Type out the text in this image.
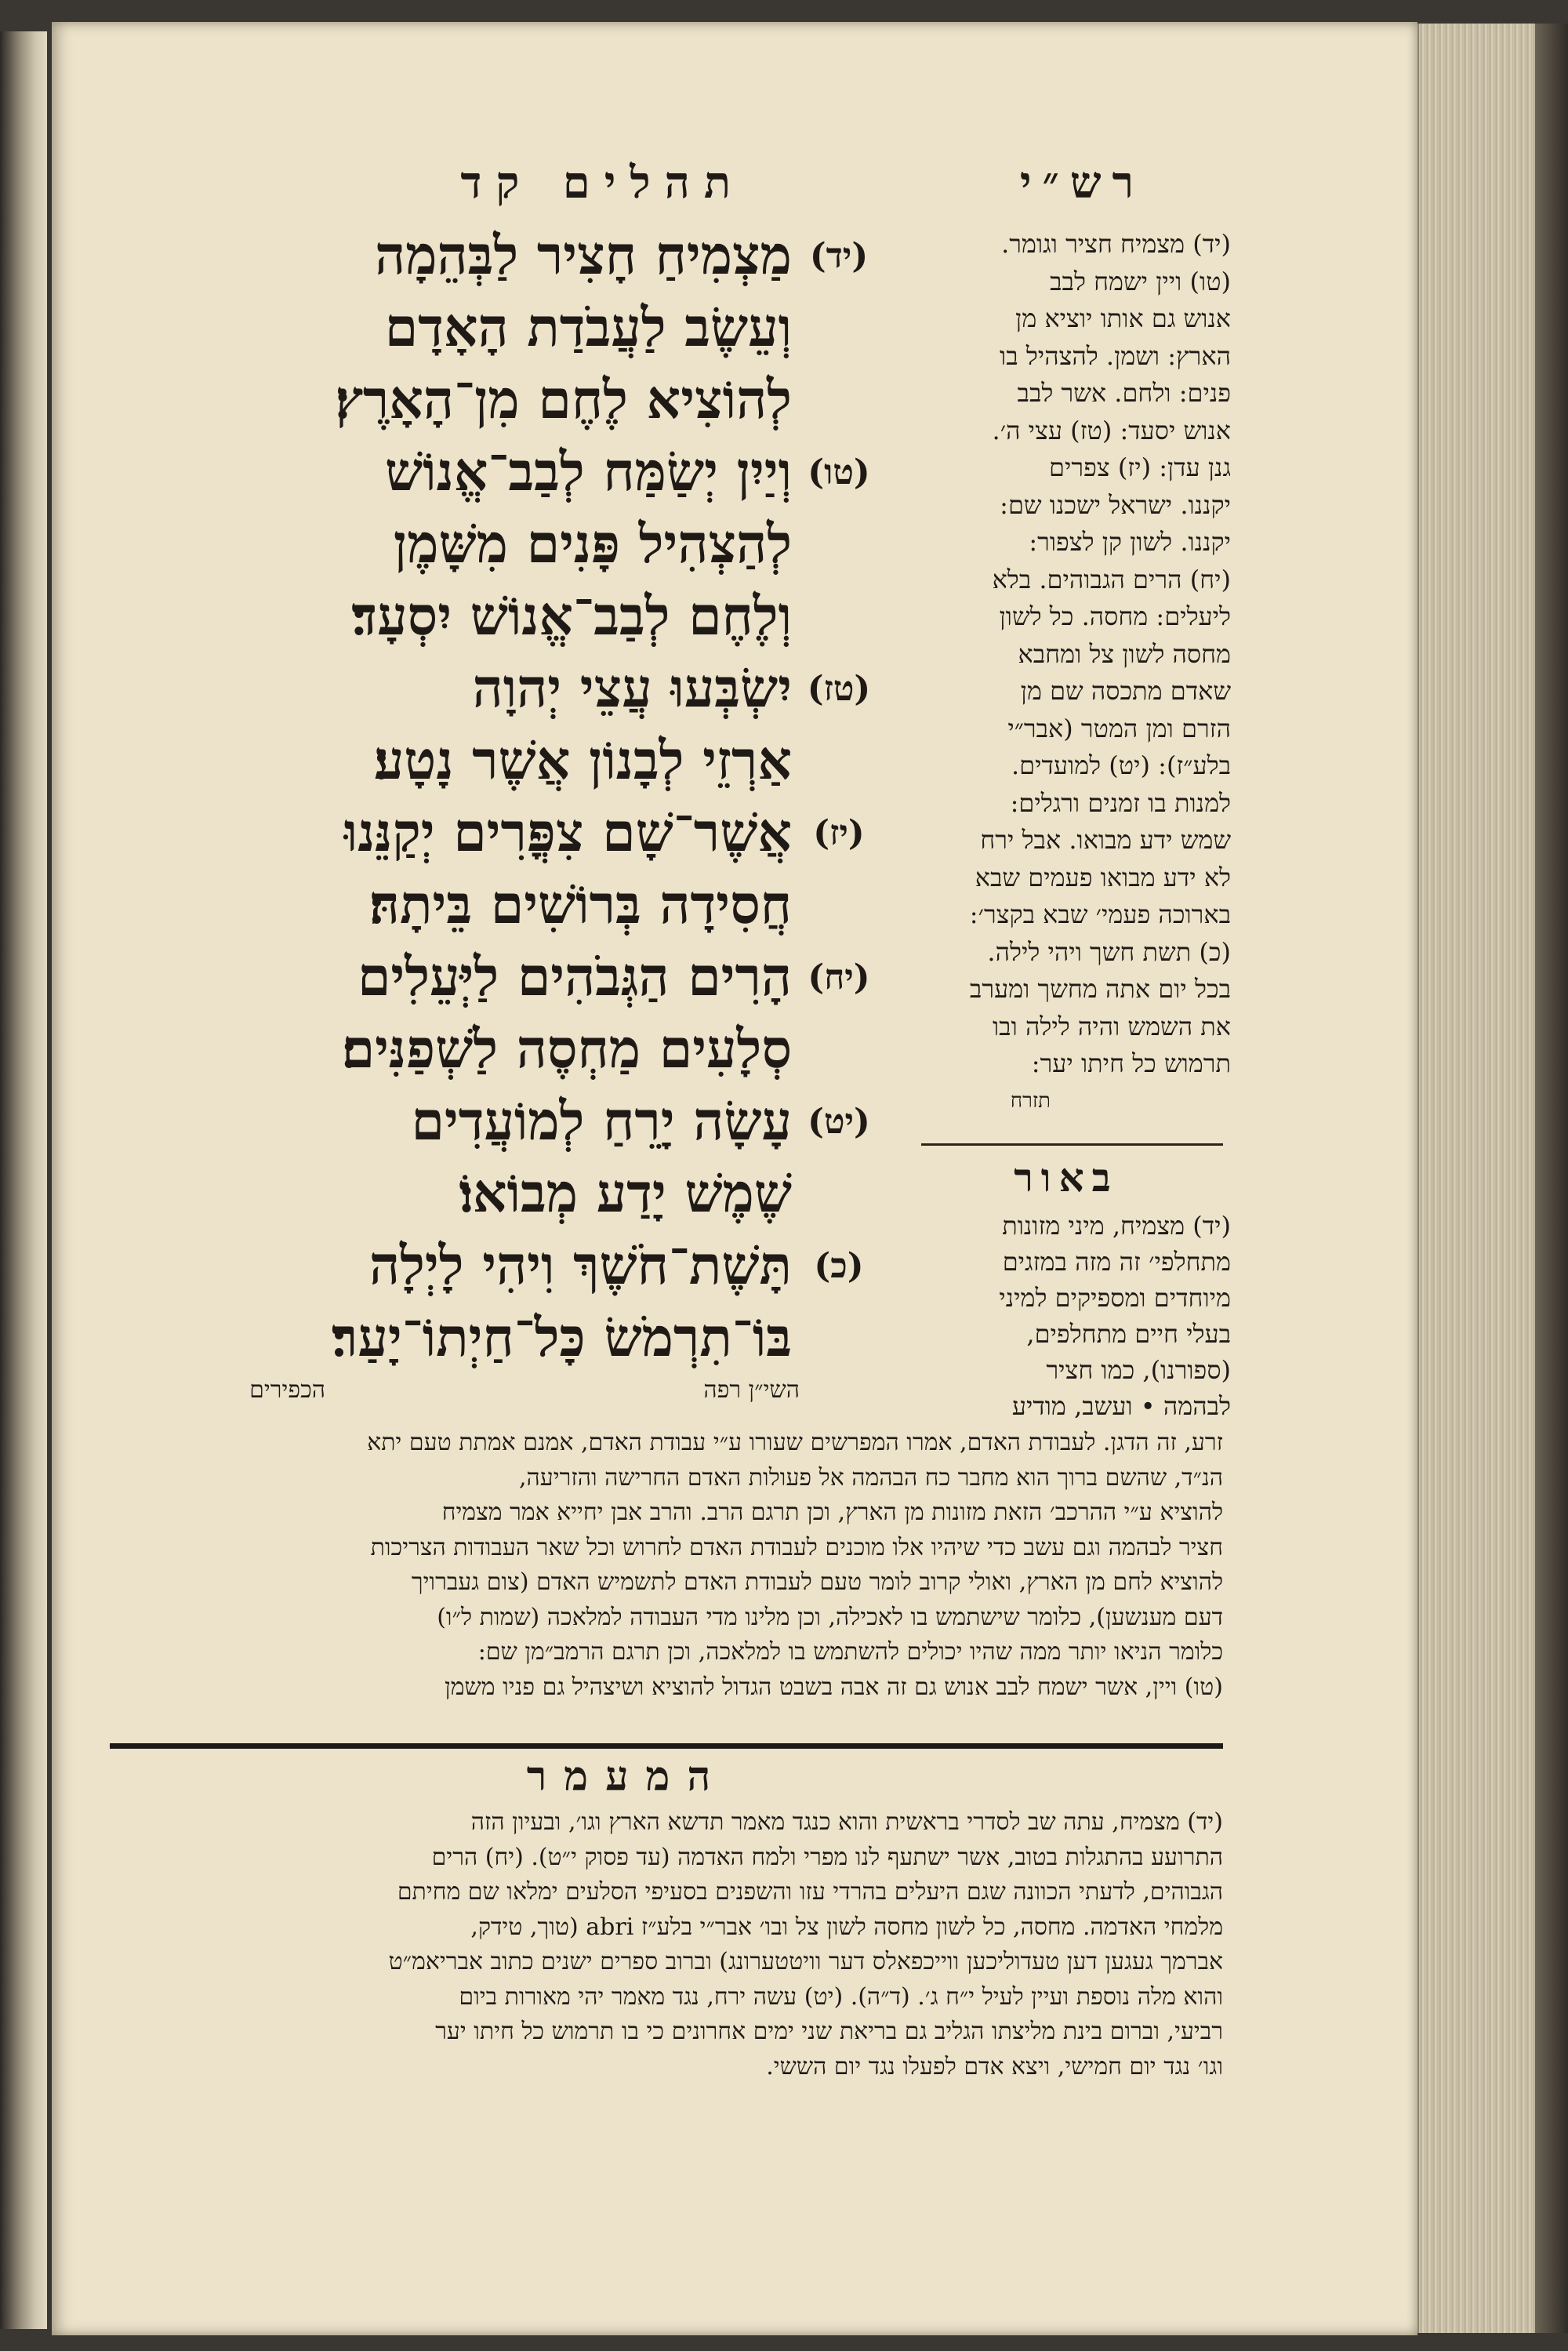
תהלים קד	רש״י
(יד)
מַצְמִיחַ חָצִיר לַבְּהֵמָה
וְעֵשֶׂב לַעֲבֹדַת הָאָדָם
לְהוֹצִיא לֶחֶם מִן־הָאָרֶץ׃
(טו)
וְיַיִן יְשַׂמַּח לְבַב־אֱנוֹשׁ
לְהַצְהִיל פָּנִים מִשָּׁמֶן
וְלֶחֶם לְבַב־אֱנוֹשׁ יִסְעָד׃
(טז)
יִשְׂבְּעוּ עֲצֵי יְהוָה
אַרְזֵי לְבָנוֹן אֲשֶׁר נָטָע׃
(יז)
אֲשֶׁר־שָׁם צִפֳּרִים יְקַנֵּנוּ
חֲסִידָה בְּרוֹשִׁים בֵּיתָהּ׃
(יח)
הָרִים הַגְּבֹהִים לַיְּעֵלִים
סְלָעִים מַחְסֶה לַשְׁפַנִּים׃
(יט)
עָשָׂה יָרֵחַ לְמוֹעֲדִים
שֶׁמֶשׁ יָדַע מְבוֹאוֹ׃
(כ)
תָּשֶׁת־חֹשֶׁךְ וִיהִי לָיְלָה
בּוֹ־תִרְמֹשׂ כָּל־חַיְתוֹ־יָעַר׃
הכפירים	השי״ן רפה
(יד) מצמיח חציר וגומר.
(טו) ויין ישמח לבב
אנוש גם אותו יוציא מן
הארץ: ושמן. להצהיל בו
פנים: ולחם. אשר לבב
אנוש יסעד: (טז) עצי ה׳.
גנן עדן: (יז) צפרים
יקננו. ישראל ישכנו שם:
יקננו. לשון קן לצפור:
(יח) הרים הגבוהים. בלא
ליעלים: מחסה. כל לשון
מחסה לשון צל ומחבא
שאדם מתכסה שם מן
הזרם ומן המטר (אבר״י
בלע״ז): (יט) למועדים.
למנות בו זמנים ורגלים:
שמש ידע מבואו. אבל ירח
לא ידע מבואו פעמים שבא
בארוכה פעמי׳ שבא בקצר׳:
(כ) תשת חשך ויהי לילה.
בכל יום אתה מחשך ומערב
את השמש והיה לילה ובו
תרמוש כל חיתו יער:
תזרח
באור
(יד) מצמיח, מיני מזונות
מתחלפי׳ זה מזה במזגים
מיוחדים ומספיקים למיני
בעלי חיים מתחלפים,
(ספורנו), כמו חציר
לבהמה • ועשב, מודיע
זרע, זה הדגן. לעבודת האדם, אמרו המפרשים שעורו ע״י עבודת האדם, אמנם אמתת טעם יתא
הנ״ד, שהשם ברוך הוא מחבר כח הבהמה אל פעולות האדם החרישה והזריעה,
להוציא ע״י ההרכב׳ הזאת מזונות מן הארץ, וכן תרגם הרב. והרב אבן יחייא אמר מצמיח
חציר לבהמה וגם עשב כדי שיהיו אלו מוכנים לעבודת האדם לחרוש וכל שאר העבודות הצריכות
להוציא לחם מן הארץ, ואולי קרוב לומר טעם לעבודת האדם לתשמיש האדם (צום געברויך
דעם מענשען), כלומר שישתמש בו לאכילה, וכן מלינו מדי העבודה למלאכה (שמות ל״ו)
כלומר הניאו יותר ממה שהיו יכולים להשתמש בו למלאכה, וכן תרגם הרמב״מן שם:
(טו) ויין, אשר ישמח לבב אנוש גם זה אבה בשבט הגדול להוציא ושיצהיל גם פניו משמן
המעמר
(יד) מצמיח, עתה שב לסדרי בראשית והוא כנגד מאמר תדשא הארץ וגו׳, ובעיון הזה
התרועע בהתגלות בטוב, אשר ישתעף לנו מפרי ולמח האדמה (עד פסוק י״ט). (יח) הרים
הגבוהים, לדעתי הכוונה שגם היעלים בהרדי עזו והשפנים בסעיפי הסלעים ימלאו שם מחיתם
מלמחי האדמה. מחסה, כל לשון מחסה לשון צל ובו׳ אבר״י בלע״ז abri (טוך, טידק,
אברמך געגען דען טעדוליכען ווייכפאלס דער וויטטערונג) וברוב ספרים ישנים כתוב אבריאמ״ט
והוא מלה נוספת ועיין לעיל י״ח ג׳. (ד״ה). (יט) עשה ירח, נגד מאמר יהי מאורות ביום
רביעי, וברום בינת מליצתו הגליב גם בריאת שני ימים אחרונים כי בו תרמוש כל חיתו יער
וגו׳ נגד יום חמישי, ויצא אדם לפעלו נגד יום הששי.
